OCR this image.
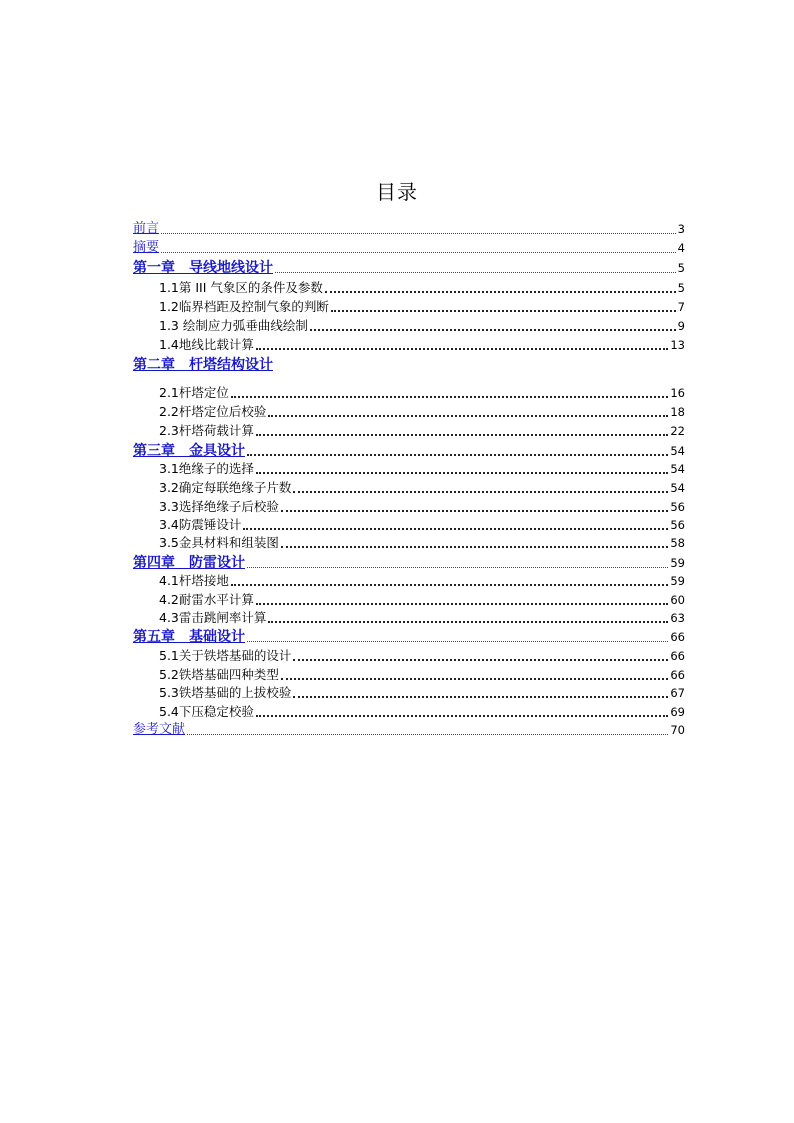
目录
前言	3
摘要	4
第一章　导线地线设计	5
1.1第 III 气象区的条件及参数	5
1.2临界档距及控制气象的判断	7
1.3 绘制应力弧垂曲线绘制	9
1.4地线比载计算	13
第二章　杆塔结构设计
2.1杆塔定位	16
2.2杆塔定位后校验	18
2.3杆塔荷载计算	22
第三章　金具设计	54
3.1绝缘子的选择	54
3.2确定每联绝缘子片数	54
3.3选择绝缘子后校验	56
3.4防震锤设计	56
3.5金具材料和组装图	58
第四章　防雷设计	59
4.1杆塔接地	59
4.2耐雷水平计算	60
4.3雷击跳闸率计算	63
第五章　基础设计	66
5.1关于铁塔基础的设计	66
5.2铁塔基础四种类型	66
5.3铁塔基础的上拔校验	67
5.4下压稳定校验	69
参考文献	70
